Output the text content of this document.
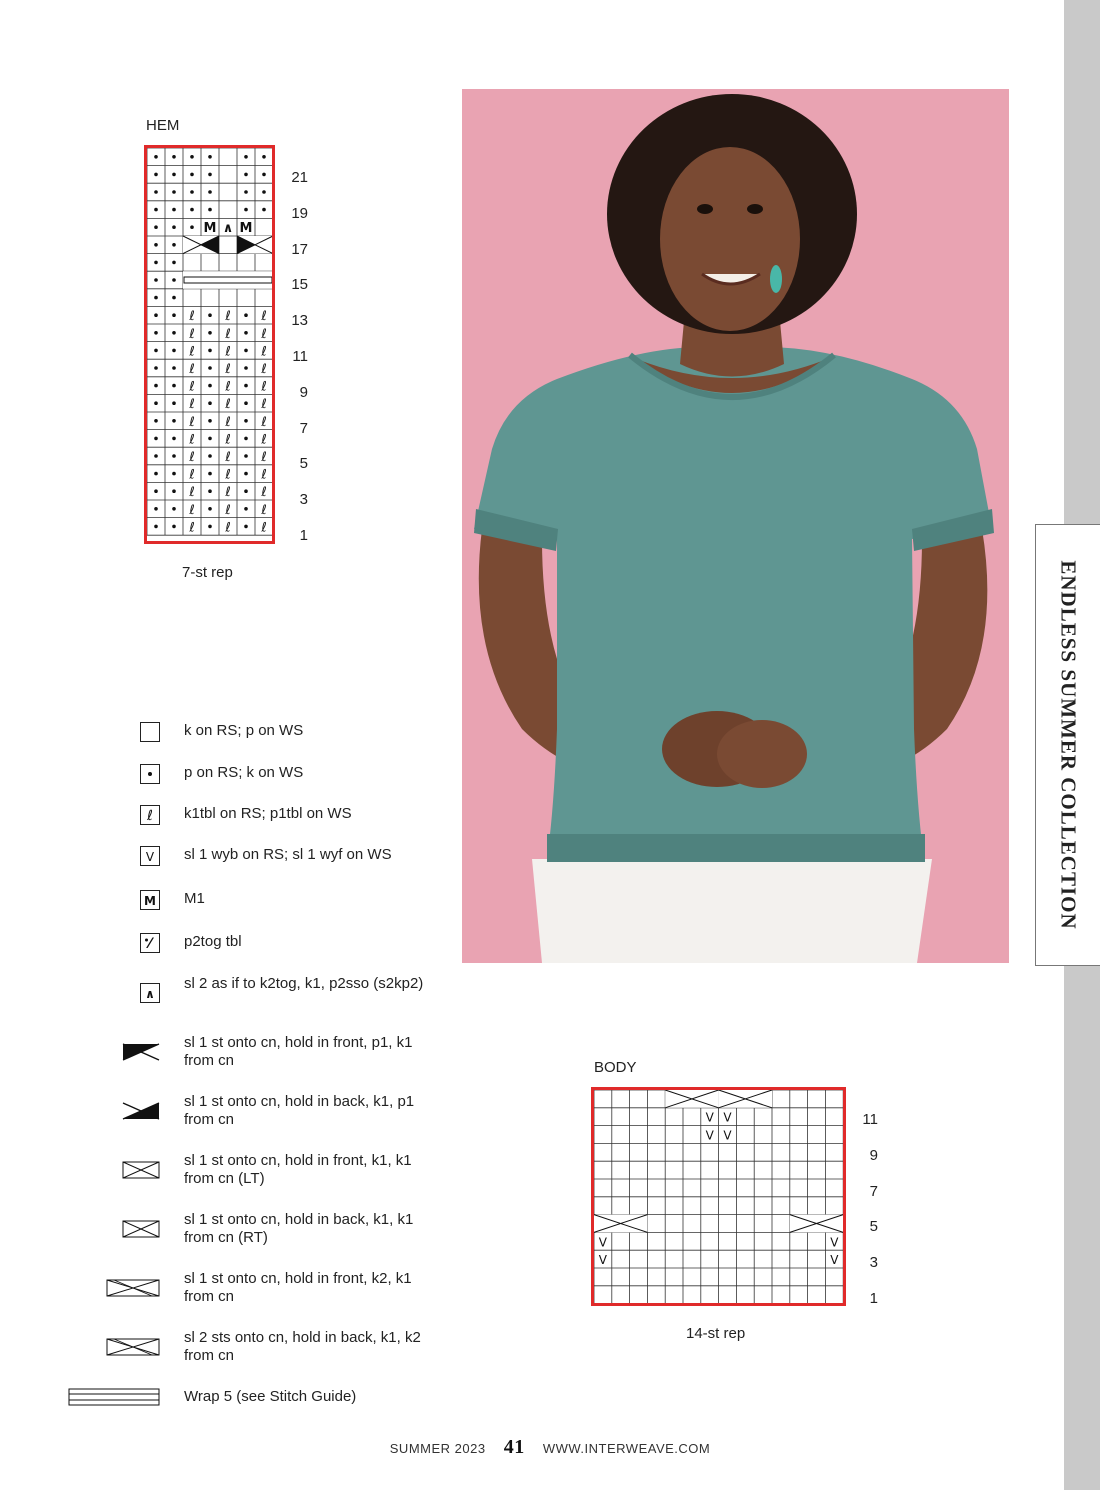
ENDLESS SUMMER COLLECTION
HEM
ℓ ℓ ℓ
ℓ ℓ ℓ
ℓ ℓ ℓ
ℓ ℓ ℓ
ℓ ℓ ℓ
ℓ ℓ ℓ
ℓ ℓ ℓ
ℓ ℓ ℓ
ℓ ℓ ℓ
ℓ ℓ ℓ
ℓ ℓ ℓ
ℓ ℓ ℓ
ℓ ℓ ℓ
M ∧ M
21
19
17
15
13
11
9
7
5
3
1
7-st rep
k on RS; p on WS
p on RS; k on WS
ℓ k1tbl on RS; p1tbl on WS
V sl 1 wyb on RS; sl 1 wyf on WS
M M1
⁄ p2tog tbl
∧
sl 2 as if to k2tog, k1, p2sso (s2kp2)
sl 1 st onto cn, hold in front, p1, k1 from cn
sl 1 st onto cn, hold in back, k1, p1 from cn
sl 1 st onto cn, hold in front, k1, k1 from cn (LT)
sl 1 st onto cn, hold in back, k1, k1 from cn (RT)
sl 1 st onto cn, hold in front, k2, k1 from cn
sl 2 sts onto cn, hold in back, k1, k2 from cn
Wrap 5 (see Stitch Guide)
BODY
V V
V V
V	V
V	V
11
9
7
5
3
1
14-st rep
SUMMER 2023 41 WWW.INTERWEAVE.COM
